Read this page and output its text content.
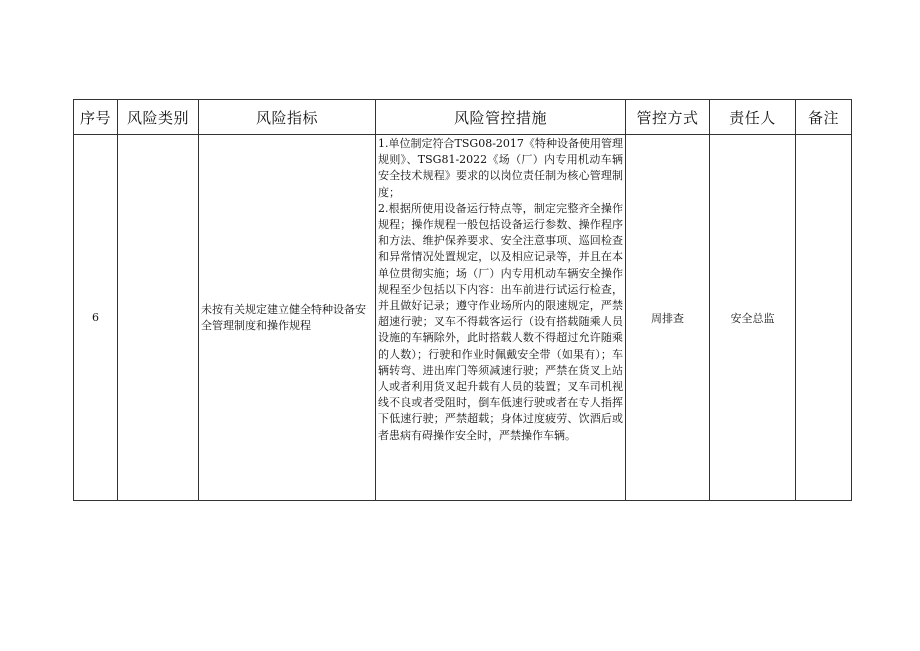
序号	风险类别	风险指标	风险管控措施	管控方式	责任人	备注
6		未按有关规定建立健全特种设备安全管理制度和操作规程	1.单位制定符合TSG08-2017《特种设备使用管理规则》、TSG81-2022《场（厂）内专用机动车辆安全技术规程》要求的以岗位责任制为核心管理制度；
2.根据所使用设备运行特点等，制定完整齐全操作规程；操作规程一般包括设备运行参数、操作程序和方法、维护保养要求、安全注意事项、巡回检查和异常情况处置规定，以及相应记录等，并且在本单位贯彻实施；场（厂）内专用机动车辆安全操作规程至少包括以下内容：出车前进行试运行检查，并且做好记录；遵守作业场所内的限速规定，严禁超速行驶；叉车不得载客运行（设有搭载随乘人员设施的车辆除外，此时搭载人数不得超过允许随乘的人数）；行驶和作业时佩戴安全带（如果有）；车辆转弯、进出库门等须减速行驶；严禁在货叉上站人或者利用货叉起升载有人员的装置；叉车司机视线不良或者受阻时，倒车低速行驶或者在专人指挥下低速行驶；严禁超载；身体过度疲劳、饮酒后或者患病有碍操作安全时，严禁操作车辆。	周排查	安全总监	
